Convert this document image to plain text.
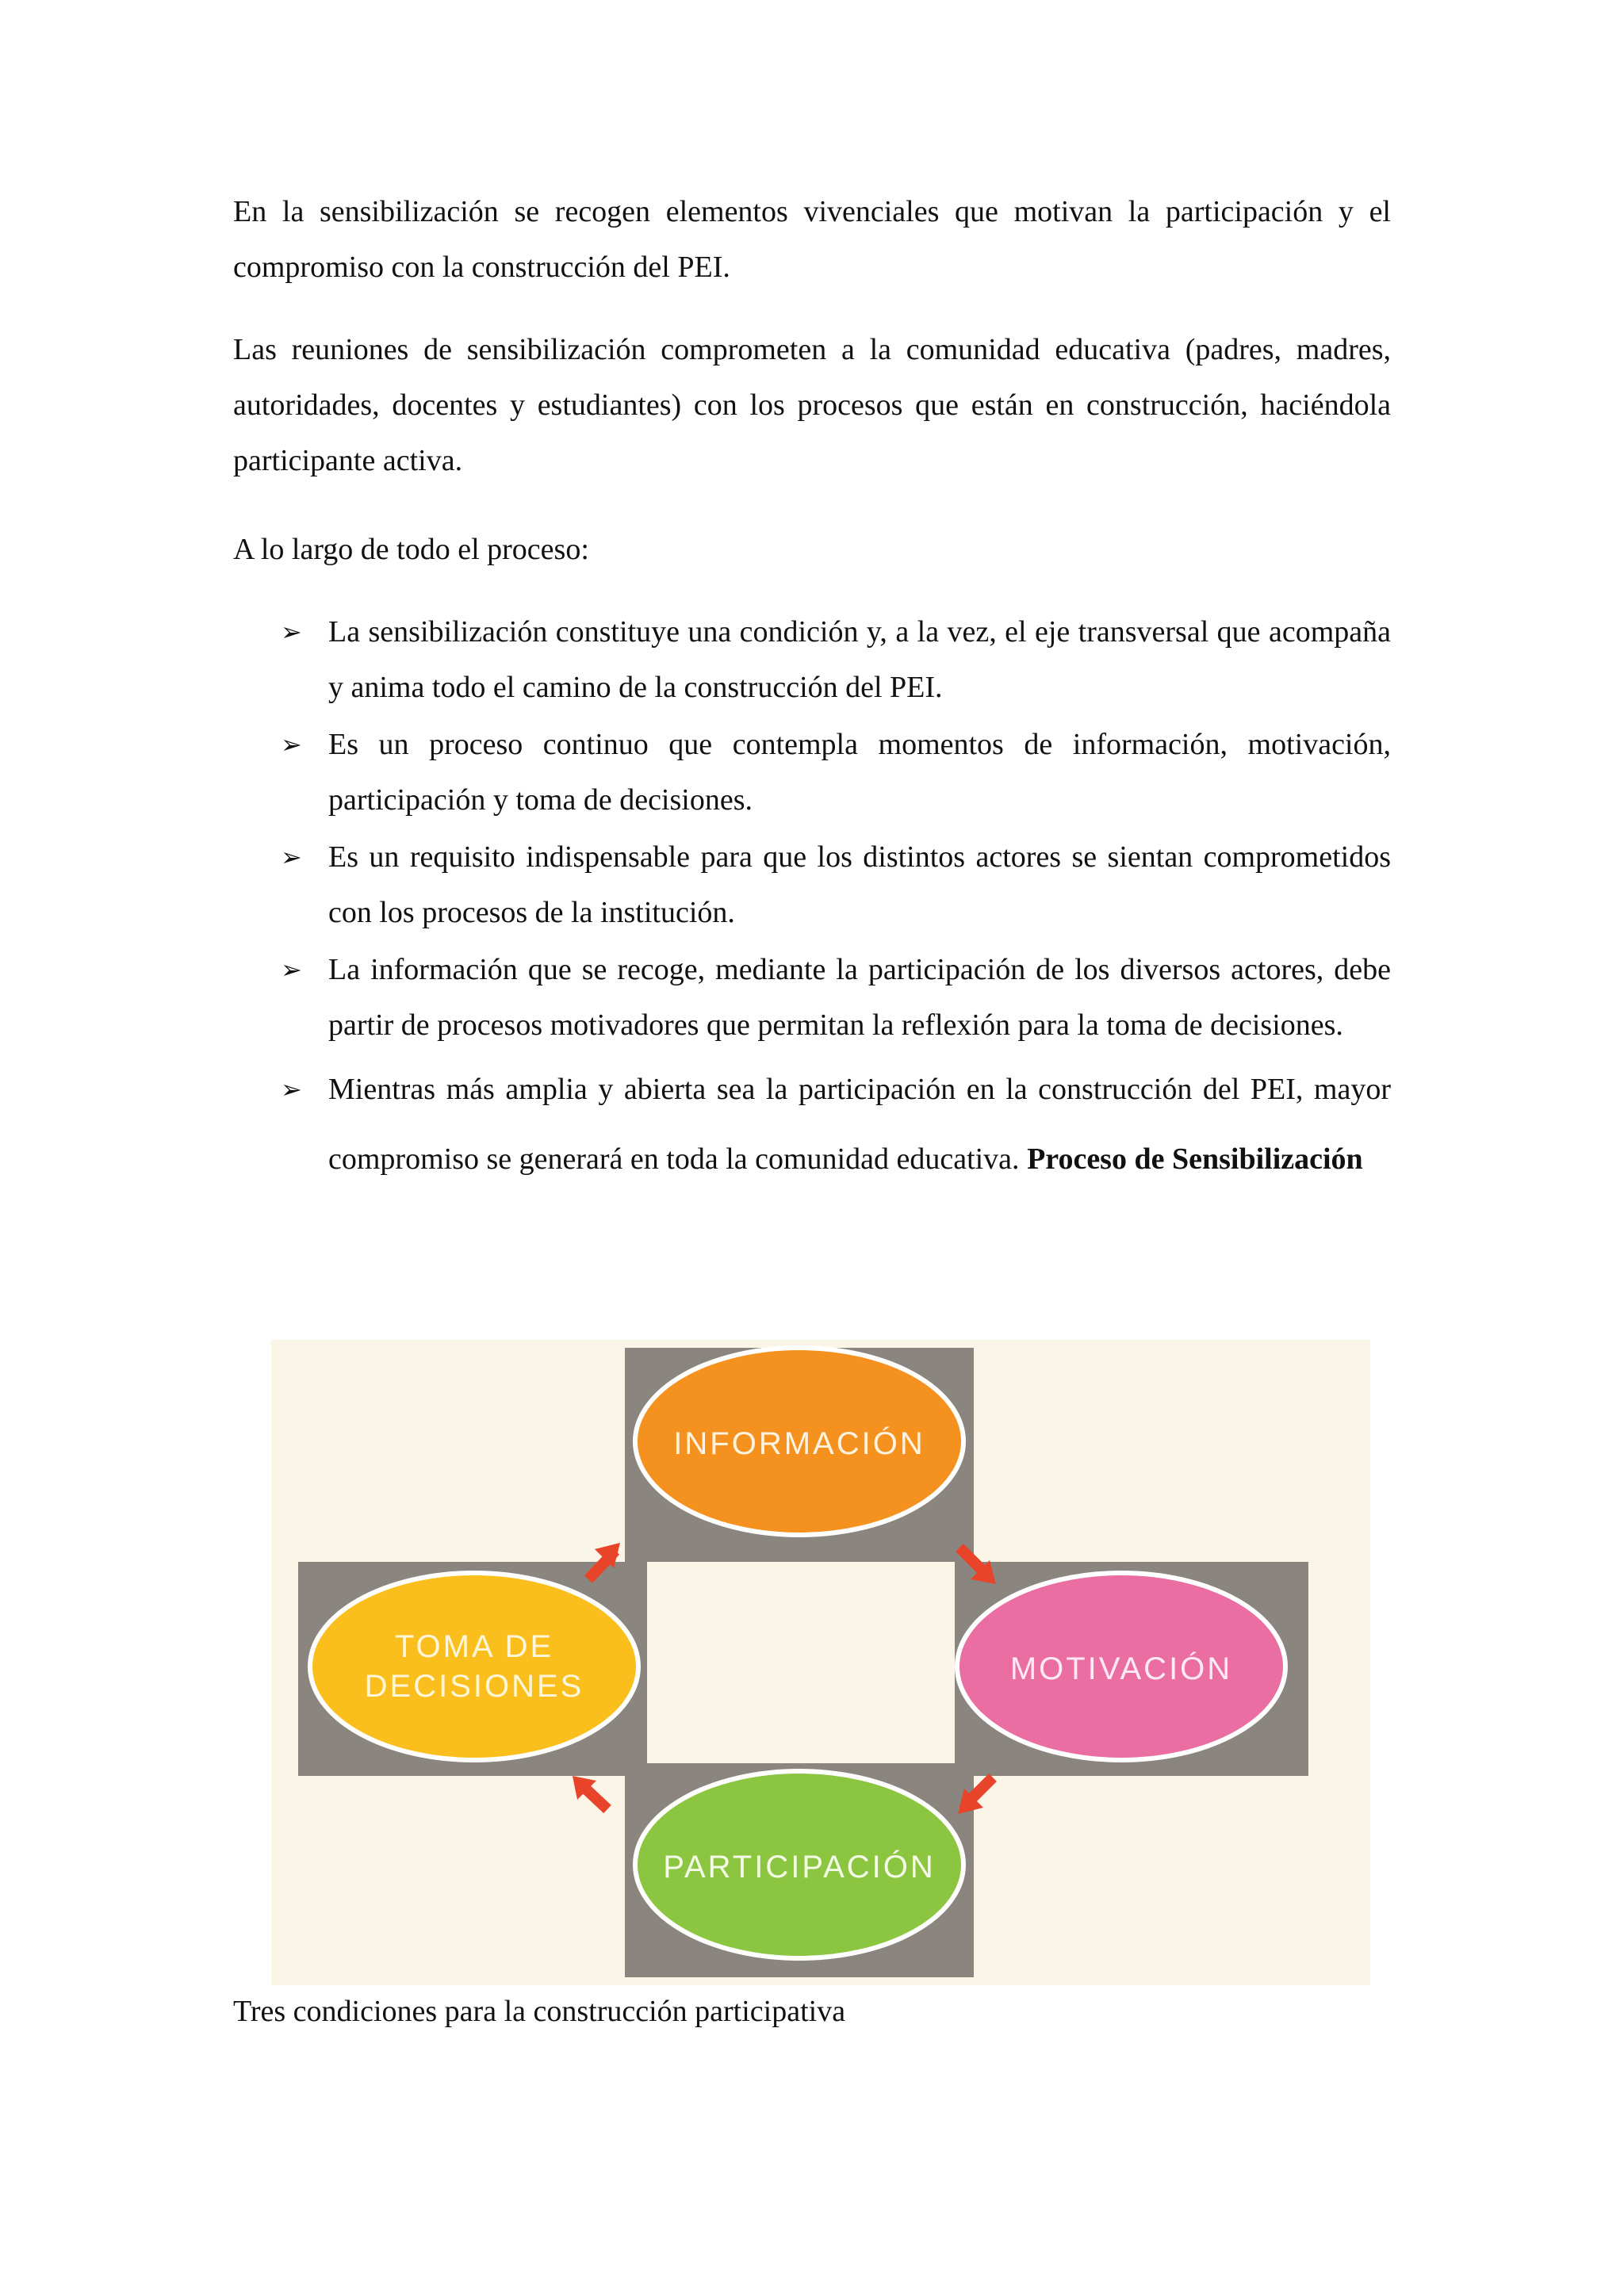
En la sensibilización se recogen elementos vivenciales que motivan la participación y el compromiso con la construcción del PEI.

Las reuniones de sensibilización comprometen a la comunidad educativa (padres, madres, autoridades, docentes y estudiantes) con los procesos que están en construcción, haciéndola participante activa.

A lo largo de todo el proceso:

➢ La sensibilización constituye una condición y, a la vez, el eje transversal que acompaña y anima todo el camino de la construcción del PEI.
➢ Es un proceso continuo que contempla momentos de información, motivación, participación y toma de decisiones.
➢ Es un requisito indispensable para que los distintos actores se sientan comprometidos con los procesos de la institución.
➢ La información que se recoge, mediante la participación de los diversos actores, debe partir de procesos motivadores que permitan la reflexión para la toma de decisiones.
➢ Mientras más amplia y abierta sea la participación en la construcción del PEI, mayor compromiso se generará en toda la comunidad educativa. Proceso de Sensibilización
INFORMACIÓN
MOTIVACIÓN
PARTICIPACIÓN
TOMA DE
DECISIONES

Tres condiciones para la construcción participativa
